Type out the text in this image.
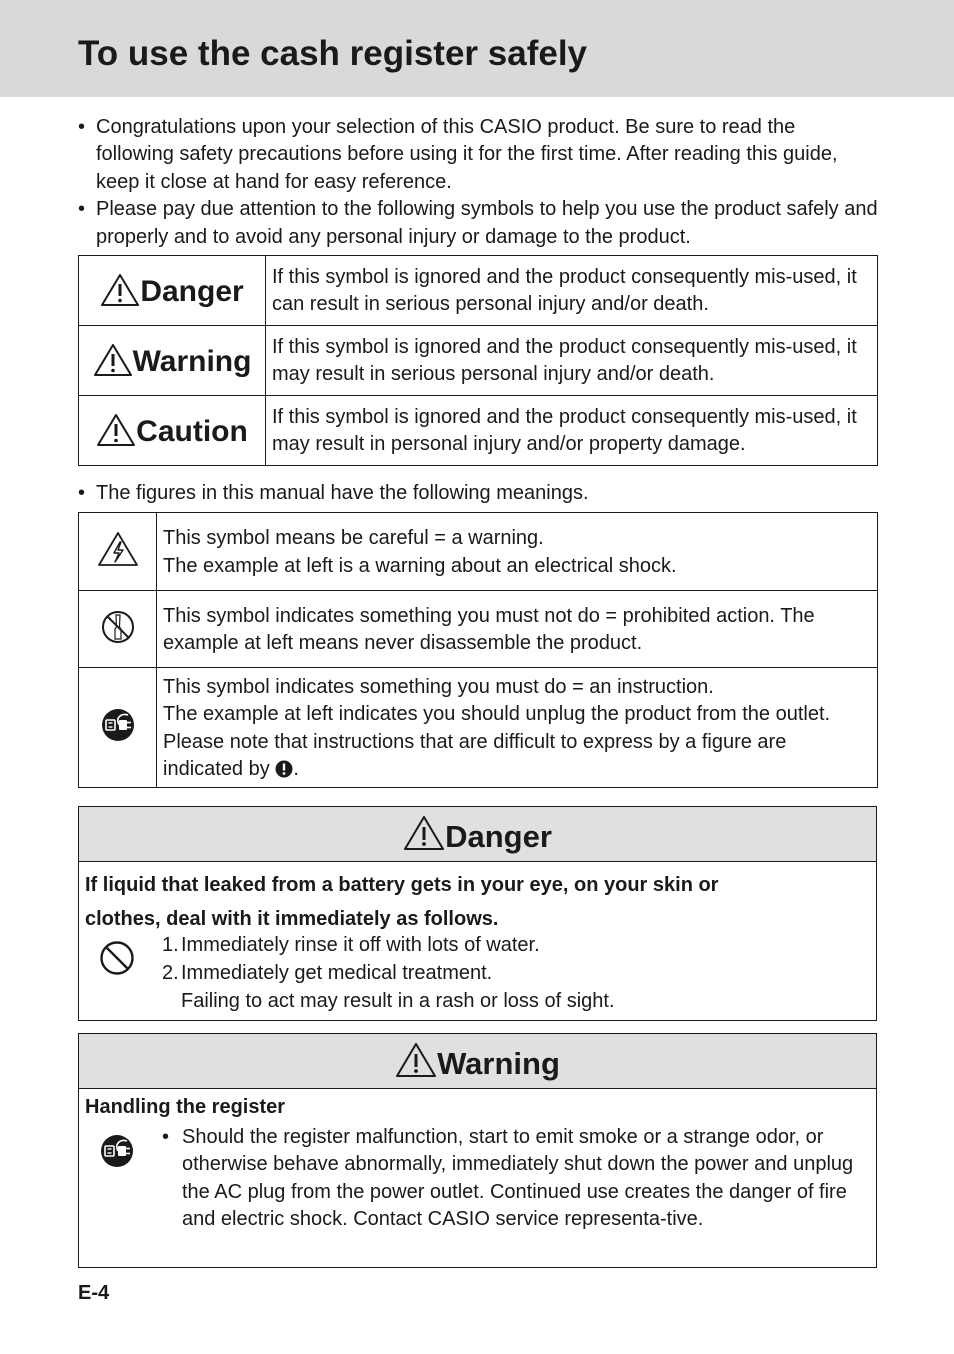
To use the cash register safely
• Congratulations upon your selection of this CASIO product. Be sure to read the following safety precautions before using it for the first time. After reading this guide, keep it close at hand for easy reference.
• Please pay due attention to the following symbols to help you use the product safely and properly and to avoid any personal injury or damage to the product.
Danger	If this symbol is ignored and the product consequently mis-used, it can result in serious personal injury and/or death.
Warning	If this symbol is ignored and the product consequently mis-used, it may result in serious personal injury and/or death.
Caution	If this symbol is ignored and the product consequently mis-used, it may result in personal injury and/or property damage.
• The figures in this manual have the following meanings.

This symbol means be careful = a warning.
The example at left is a warning about an electrical shock.

	This symbol indicates something you must not do = prohibited action. The example at left means never disassemble the product.

This symbol indicates something you must do = an instruction.
The example at left indicates you should unplug the product from the outlet. Please note that instructions that are difficult to express by a figure are indicated by .
Danger
If liquid that leaked from a battery gets in your eye, on your skin or
clothes, deal with it immediately as follows.
1. Immediately rinse it off with lots of water.
2. Immediately get medical treatment.
Failing to act may result in a rash or loss of sight.
Warning
Handling the register
• Should the register malfunction, start to emit smoke or a strange odor, or otherwise behave abnormally, immediately shut down the power and unplug the AC plug from the power outlet. Continued use creates the danger of fire and electric shock. Contact CASIO service representa-tive.
E-4
